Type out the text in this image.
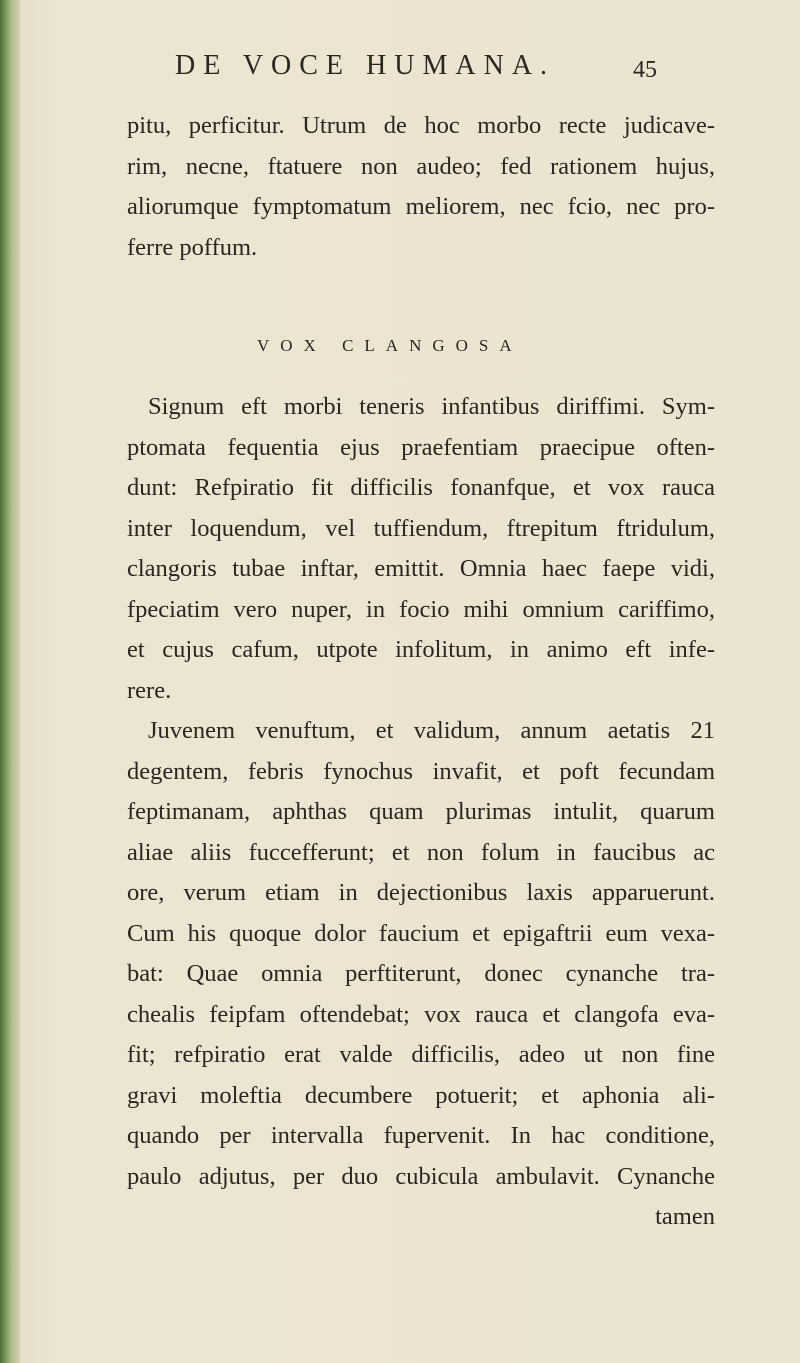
DE VOCE HUMANA.	45
pitu, perficitur. Utrum de hoc morbo recte judicave-
rim, necne, ftatuere non audeo; fed rationem hujus,
aliorumque fymptomatum meliorem, nec fcio, nec pro-
ferre poffum.
VOX CLANGOSA
Signum eft morbi teneris infantibus diriffimi. Sym-
ptomata fequentia ejus praefentiam praecipue often-
dunt: Refpiratio fit difficilis fonanfque, et vox rauca
inter loquendum, vel tuffiendum, ftrepitum ftridulum,
clangoris tubae inftar, emittit. Omnia haec faepe vidi,
fpeciatim vero nuper, in focio mihi omnium cariffimo,
et cujus cafum, utpote infolitum, in animo eft infe-
rere.
Juvenem venuftum, et validum, annum aetatis 21
degentem, febris fynochus invafit, et poft fecundam
feptimanam, aphthas quam plurimas intulit, quarum
aliae aliis fuccefferunt; et non folum in faucibus ac
ore, verum etiam in dejectionibus laxis apparuerunt.
Cum his quoque dolor faucium et epigaftrii eum vexa-
bat: Quae omnia perftiterunt, donec cynanche tra-
chealis feipfam oftendebat; vox rauca et clangofa eva-
fit; refpiratio erat valde difficilis, adeo ut non fine
gravi moleftia decumbere potuerit; et aphonia ali-
quando per intervalla fupervenit. In hac conditione,
paulo adjutus, per duo cubicula ambulavit. Cynanche
tamen
